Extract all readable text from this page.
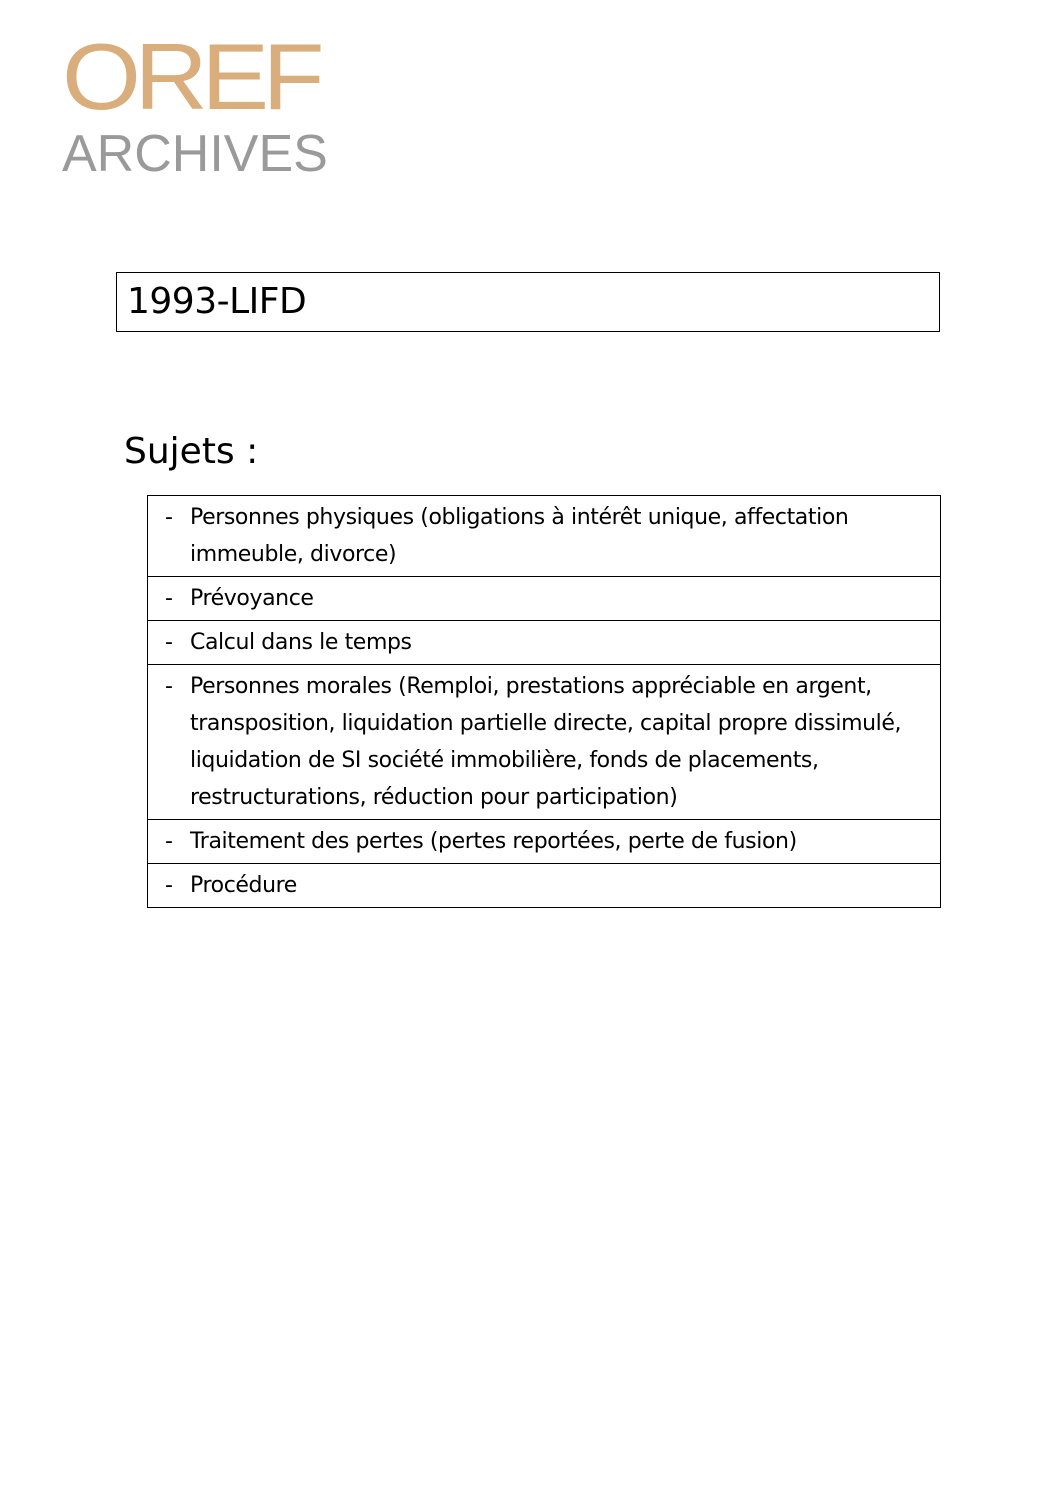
OREF
ARCHIVES
1993-LIFD
Sujets :
- Personnes physiques (obligations à intérêt unique, affectation immeuble, divorce)

- Prévoyance

- Calcul dans le temps

- Personnes morales (Remploi, prestations appréciable en argent, transposition, liquidation partielle directe, capital propre dissimulé, liquidation de SI société immobilière, fonds de placements, restructurations, réduction pour participation)

- Traitement des pertes (pertes reportées, perte de fusion)

- Procédure
